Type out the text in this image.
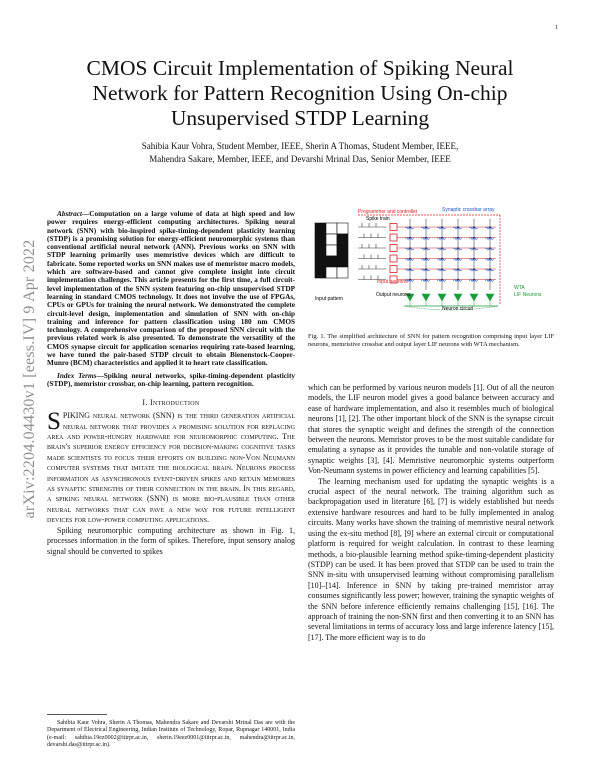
1
arXiv:2204.04430v1 [eess.IV] 9 Apr 2022
CMOS Circuit Implementation of Spiking Neural Network for Pattern Recognition Using On-chip Unsupervised STDP Learning
Sahibia Kaur Vohra, Student Member, IEEE, Sherin A Thomas, Student Member, IEEE,
Mahendra Sakare, Member, IEEE, and Devarshi Mrinal Das, Senior Member, IEEE

Abstract—Computation on a large volume of data at high speed and low power requires energy-efficient computing architectures. Spiking neural network (SNN) with bio-inspired spike-timing-dependent plasticity learning (STDP) is a promising solution for energy-efficient neuromorphic systems than conventional artificial neural network (ANN). Previous works on SNN with STDP learning primarily uses memristive devices which are difficult to fabricate. Some reported works on SNN makes use of memristor macro models, which are software-based and cannot give complete insight into circuit implementation challenges. This article presents for the first time, a full circuit-level implementation of the SNN system featuring on-chip unsupervised STDP learning in standard CMOS technology. It does not involve the use of FPGAs, CPUs or GPUs for training the neural network. We demonstrated the complete circuit-level design, implementation and simulation of SNN with on-chip training and inference for pattern classification using 180 nm CMOS technology. A comprehensive comparison of the proposed SNN circuit with the previous related work is also presented. To demonstrate the versatility of the CMOS synapse circuit for application scenarios requiring rate-based learning, we have tuned the pair-based STDP circuit to obtain Bienenstock-Cooper-Munro (BCM) characteristics and applied it to heart rate classification.

Index Terms—Spiking neural networks, spike-timing-dependent plasticity (STDP), memristor crossbar, on-chip learning, pattern recognition.

I. Introduction

SPIKING neural network (SNN) is the third generation artificial neural network that provides a promising solution for replacing area and power-hungry hardware for neuromorphic computing. The brain's superior energy efficiency for decision-making cognitive tasks made scientists to focus their efforts on building non-Von Neumann computer systems that imitate the biological brain. Neurons process information as asynchronous event-driven spikes and retain memories as synaptic strengths of their connection in the brain. In this regard, a spiking neural network (SNN) is more bio-plausible than other neural networks that can pave a new way for future intelligent devices for low-power computing applications.

Spiking neuromorphic computing architecture as shown in Fig. 1, processes information in the form of spikes. Therefore, input sensory analog signal should be converted to spikes

Sahibia Kaur Vohra, Sherin A Thomas, Mahendra Sakare and Devarshi Mrinal Das are with the Department of Electrical Engineering, Indian Institute of Technology, Ropar, Rupnagar 140001, India (e-mail: sahibia.19ez0002@iitrpr.ac.in, sherin.19eez0001@iitrpr.ac.in, mahendra@iitrpr.ac.in, devarshi.das@iitrpr.ac.in).
Input pattern
Programmer and controller	Synaptic crossbar array
Spike train
Input neurons
Output neurons
WTA
LIF Neurons
Neuron circuit
Fig. 1. The simplified architecture of SNN for pattern recognition comprising input layer LIF neurons, memristive crossbar and output layer LIF neurons with WTA mechanism.

which can be performed by various neuron models [1]. Out of all the neuron models, the LIF neuron model gives a good balance between accuracy and ease of hardware implementation, and also it resembles much of biological neurons [1], [2]. The other important block of the SNN is the synapse circuit that stores the synaptic weight and defines the strength of the connection between the neurons. Memristor proves to be the most suitable candidate for emulating a synapse as it provides the tunable and non-volatile storage of synaptic weights [3], [4]. Memristive neuromorphic systems outperform Von-Neumann systems in power efficiency and learning capabilities [5].

The learning mechanism used for updating the synaptic weights is a crucial aspect of the neural network. The training algorithm such as backpropagation used in literature [6], [7] is widely established but needs extensive hardware resources and hard to be fully implemented in analog circuits. Many works have shown the training of memristive neural network using the ex-situ method [8], [9] where an external circuit or computational platform is required for weight calculation. In contrast to these learning methods, a bio-plausible learning method spike-timing-dependent plasticity (STDP) can be used. It has been proved that STDP can be used to train the SNN in-situ with unsupervised learning without compromising parallelism [10]–[14]. Inference in SNN by taking pre-trained memristor array consumes significantly less power; however, training the synaptic weights of the SNN before inference efficiently remains challenging [15], [16]. The approach of training the non-SNN first and then converting it to an SNN has several limitations in terms of accuracy loss and large inference latency [15], [17]. The more efficient way is to do
